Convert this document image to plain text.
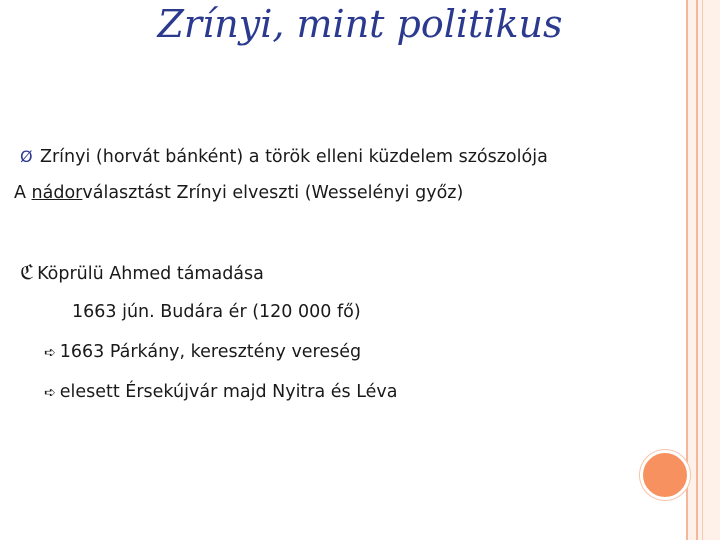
Zrínyi, mint politikus
Ø Zrínyi (horvát bánként) a török elleni küzdelem szószolója
A nádorválasztást Zrínyi elveszti (Wesselényi győz)
ℭ Köprülü Ahmed támadása
1663 jún. Budára ér (120 000 fő)
➪ 1663 Párkány, keresztény vereség
➪ elesett Érsekújvár majd Nyitra és Léva
